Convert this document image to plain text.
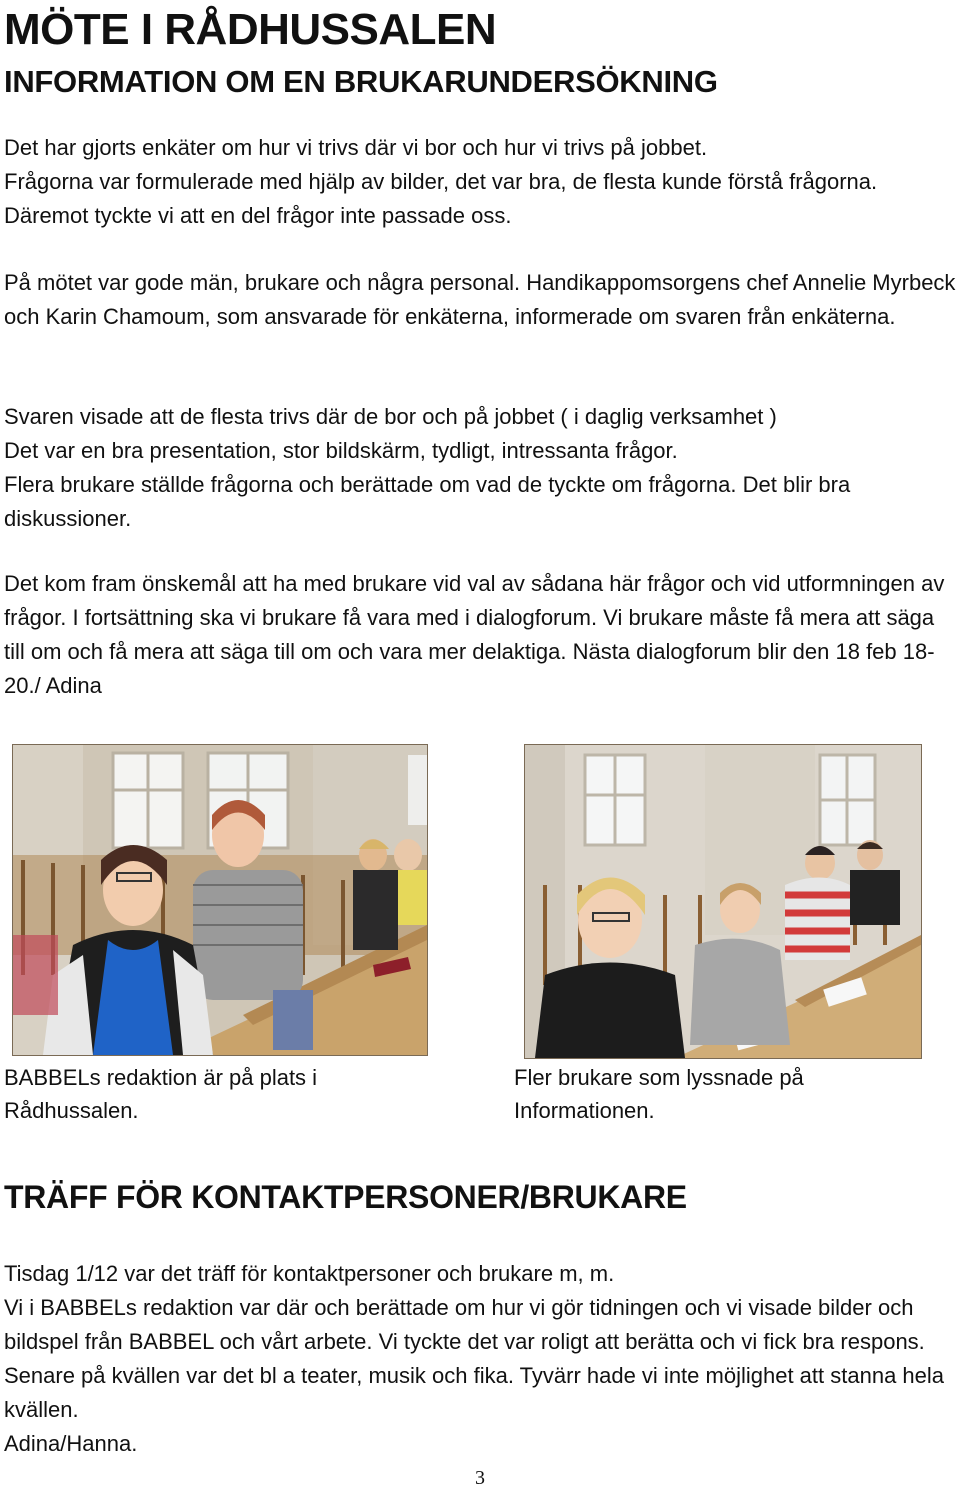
MÖTE I RÅDHUSSALEN
INFORMATION OM EN BRUKARUNDERSÖKNING

Det har gjorts enkäter om hur vi trivs där vi bor och hur vi trivs på jobbet.

Frågorna var formulerade med hjälp av bilder, det var bra, de flesta kunde förstå frågorna. Däremot tyckte vi att en del frågor inte passade oss.

På mötet var gode män, brukare och några personal. Handikappomsorgens chef Annelie Myrbeck och Karin Chamoum, som ansvarade för enkäterna, informerade om svaren från enkäterna.

Svaren visade att de flesta trivs där de bor och på jobbet ( i daglig verksamhet )

Det var en bra presentation, stor bildskärm, tydligt, intressanta frågor.

Flera brukare ställde frågorna och berättade om vad de tyckte om frågorna. Det blir bra diskussioner.

Det kom fram önskemål att ha med brukare vid val av sådana här frågor och vid utformningen av frågor. I fortsättning ska vi brukare få vara med i dialogforum. Vi brukare måste få mera att säga till om och få mera att säga till om och vara mer delaktiga. Nästa dialogforum blir den 18 feb 18-20./ Adina

BABBELs redaktion är på plats i

Rådhussalen.

Fler brukare som lyssnade på

Informationen.

TRÄFF FÖR KONTAKTPERSONER/BRUKARE

Tisdag 1/12 var det träff för kontaktpersoner och brukare m, m.

Vi i BABBELs redaktion var där och berättade om hur vi gör tidningen och vi visade bilder och bildspel från BABBEL och vårt arbete. Vi tyckte det var roligt att berätta och vi fick bra respons. Senare på kvällen var det bl a teater, musik och fika. Tyvärr hade vi inte möjlighet att stanna hela kvällen.

Adina/Hanna.

3
